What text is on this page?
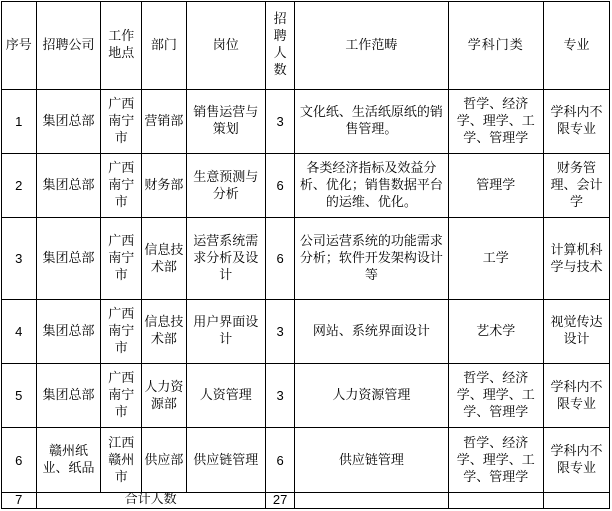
序号	招聘公司	工作地点	部门	岗位	招聘人数	工作范畴	学科门类	专业
1	集团总部	广西南宁市	营销部	销售运营与策划	3	文化纸、生活纸原纸的销售管理。	哲学、经济学、理学、工学、管理学	学科内不限专业
2	集团总部	广西南宁市	财务部	生意预测与分析	6	各类经济指标及效益分析、优化；销售数据平台的运维、优化。	管理学	财务管理、会计学
3	集团总部	广西南宁市	信息技术部	运营系统需求分析及设计	6	公司运营系统的功能需求分析；软件开发架构设计等	工学	计算机科学与技术
4	集团总部	广西南宁市	信息技术部	用户界面设计	3	网站、系统界面设计	艺术学	视觉传达设计
5	集团总部	广西南宁市	人力资源部	人资管理	3	人力资源管理	哲学、经济学、理学、工学、管理学	学科内不限专业
6	赣州纸业、纸品	江西赣州市	供应部	供应链管理	6	供应链管理	哲学、经济学、理学、工学、管理学	学科内不限专业
7	合计人数				27			
